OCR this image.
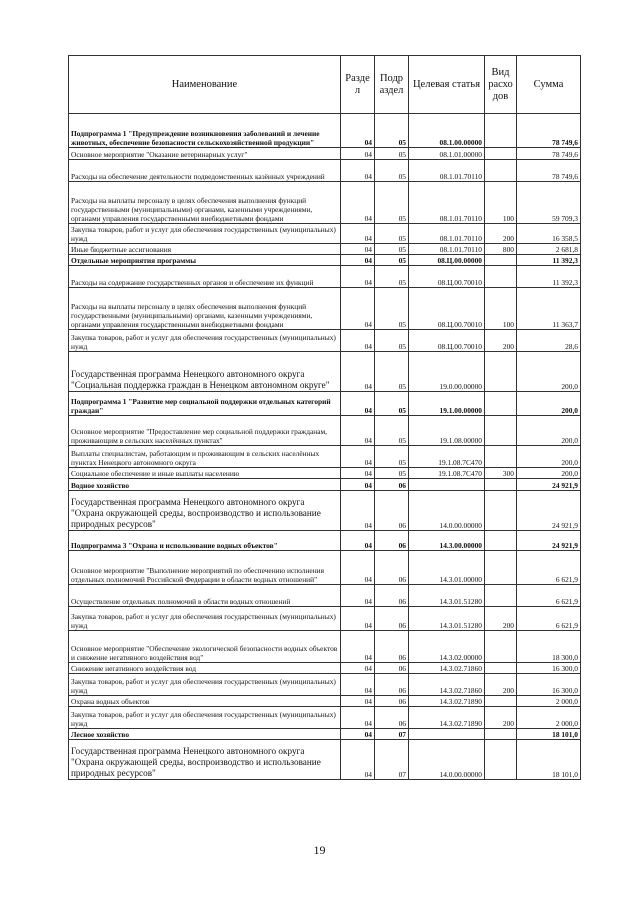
Наименование	Разде л	Подр аздел	Целевая статья	Вид расхо дов	Сумма
Подпрограмма 1 "Предупреждение возникновения заболеваний и лечение животных, обеспечение безопасности сельскохозяйственной продукции"	04	05	08.1.00.00000		78 749,6
Основное мероприятие "Оказание ветеринарных услуг"	04	05	08.1.01.00000		78 749,6
Расходы на обеспечение деятельности подведомственных казённых учреждений	04	05	08.1.01.70110		78 749,6
Расходы на выплаты персоналу в целях обеспечения выполнения функций государственными (муниципальными) органами, казенными учреждениями, органами управления государственными внебюджетными фондами	04	05	08.1.01.70110	100	59 709,3
Закупка товаров, работ и услуг для обеспечения государственных (муниципальных) нужд	04	05	08.1.01.70110	200	16 358,5
Иные бюджетные ассигнования	04	05	08.1.01.70110	800	2 681,8
Отдельные мероприятия программы	04	05	08.Ц.00.00000		11 392,3
Расходы на содержание государственных органов и обеспечение их функций	04	05	08.Ц.00.70010		11 392,3
Расходы на выплаты персоналу в целях обеспечения выполнения функций государственными (муниципальными) органами, казенными учреждениями, органами управления государственными внебюджетными фондами	04	05	08.Ц.00.70010	100	11 363,7
Закупка товаров, работ и услуг для обеспечения государственных (муниципальных) нужд	04	05	08.Ц.00.70010	200	28,6
Государственная программа Ненецкого автономного округа "Социальная поддержка граждан в Ненецком автономном округе"	04	05	19.0.00.00000		200,0
Подпрограмма 1 "Развитие мер социальной поддержки отдельных категорий граждан"	04	05	19.1.00.00000		200,0
Основное мероприятие "Предоставление мер социальной поддержки гражданам, проживающим в сельских населённых пунктах"	04	05	19.1.08.00000		200,0
Выплаты специалистам, работающим и проживающим в сельских населённых пунктах Ненецкого автономного округа	04	05	19.1.08.7С470		200,0
Социальное обеспечение и иные выплаты населению	04	05	19.1.08.7С470	300	200,0
Водное хозяйство	04	06			24 921,9
Государственная программа Ненецкого автономного округа "Охрана окружающей среды, воспроизводство и использование природных ресурсов"	04	06	14.0.00.00000		24 921,9
Подпрограмма 3 "Охрана и использование водных объектов"	04	06	14.3.00.00000		24 921,9
Основное мероприятие "Выполнение мероприятий по обеспечению исполнения отдельных полномочий Российской Федерации в области водных отношений"	04	06	14.3.01.00000		6 621,9
Осуществление отдельных полномочий в области водных отношений	04	06	14.3.01.51280		6 621,9
Закупка товаров, работ и услуг для обеспечения государственных (муниципальных) нужд	04	06	14.3.01.51280	200	6 621,9
Основное мероприятие "Обеспечение экологической безопасности водных объектов и снижение негативного воздействия вод"	04	06	14.3.02.00000		18 300,0
Снижение негативного воздействия вод	04	06	14.3.02.71860		16 300,0
Закупка товаров, работ и услуг для обеспечения государственных (муниципальных) нужд	04	06	14.3.02.71860	200	16 300,0
Охрана водных объектов	04	06	14.3.02.71890		2 000,0
Закупка товаров, работ и услуг для обеспечения государственных (муниципальных) нужд	04	06	14.3.02.71890	200	2 000,0
Лесное хозяйство	04	07			18 101,0
Государственная программа Ненецкого автономного округа "Охрана окружающей среды, воспроизводство и использование природных ресурсов"	04	07	14.0.00.00000		18 101,0
19
